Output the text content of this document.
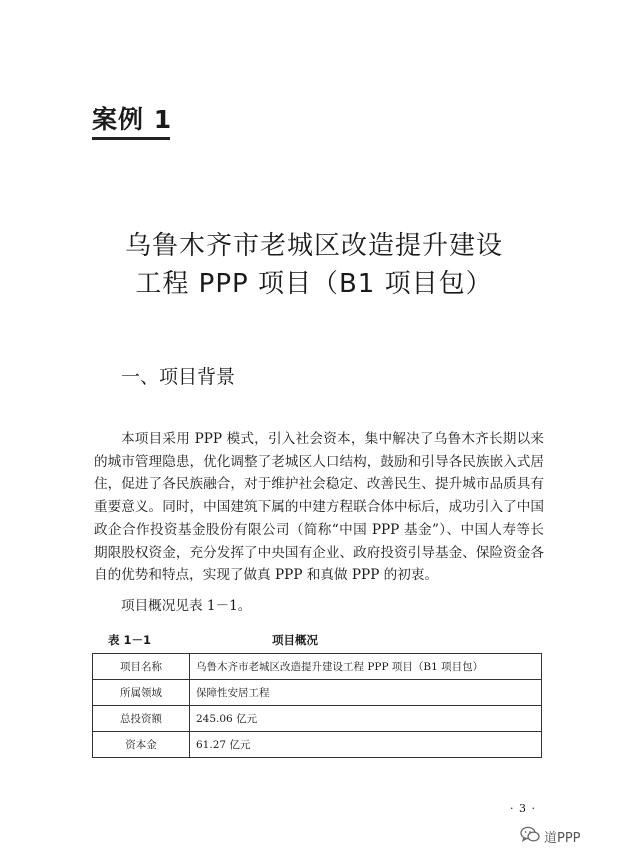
案例 1
乌鲁木齐市老城区改造提升建设
工程 PPP 项目（B1 项目包）
一、项目背景

本项目采用 PPP 模式，引入社会资本，集中解决了乌鲁木齐长期以来的城市管理隐患，优化调整了老城区人口结构，鼓励和引导各民族嵌入式居住，促进了各民族融合，对于维护社会稳定、改善民生、提升城市品质具有重要意义。同时，中国建筑下属的中建方程联合体中标后，成功引入了中国政企合作投资基金股份有限公司（简称“中国 PPP 基金”）、中国人寿等长期限股权资金，充分发挥了中央国有企业、政府投资引导基金、保险资金各自的优势和特点，实现了做真 PPP 和真做 PPP 的初衷。

项目概况见表 1－1。
表 1－1	项目概况
项目名称	乌鲁木齐市老城区改造提升建设工程 PPP 项目（B1 项目包）
所属领域	保障性安居工程
总投资额	245.06 亿元
资本金	61.27 亿元
· 3 ·
道PPP
